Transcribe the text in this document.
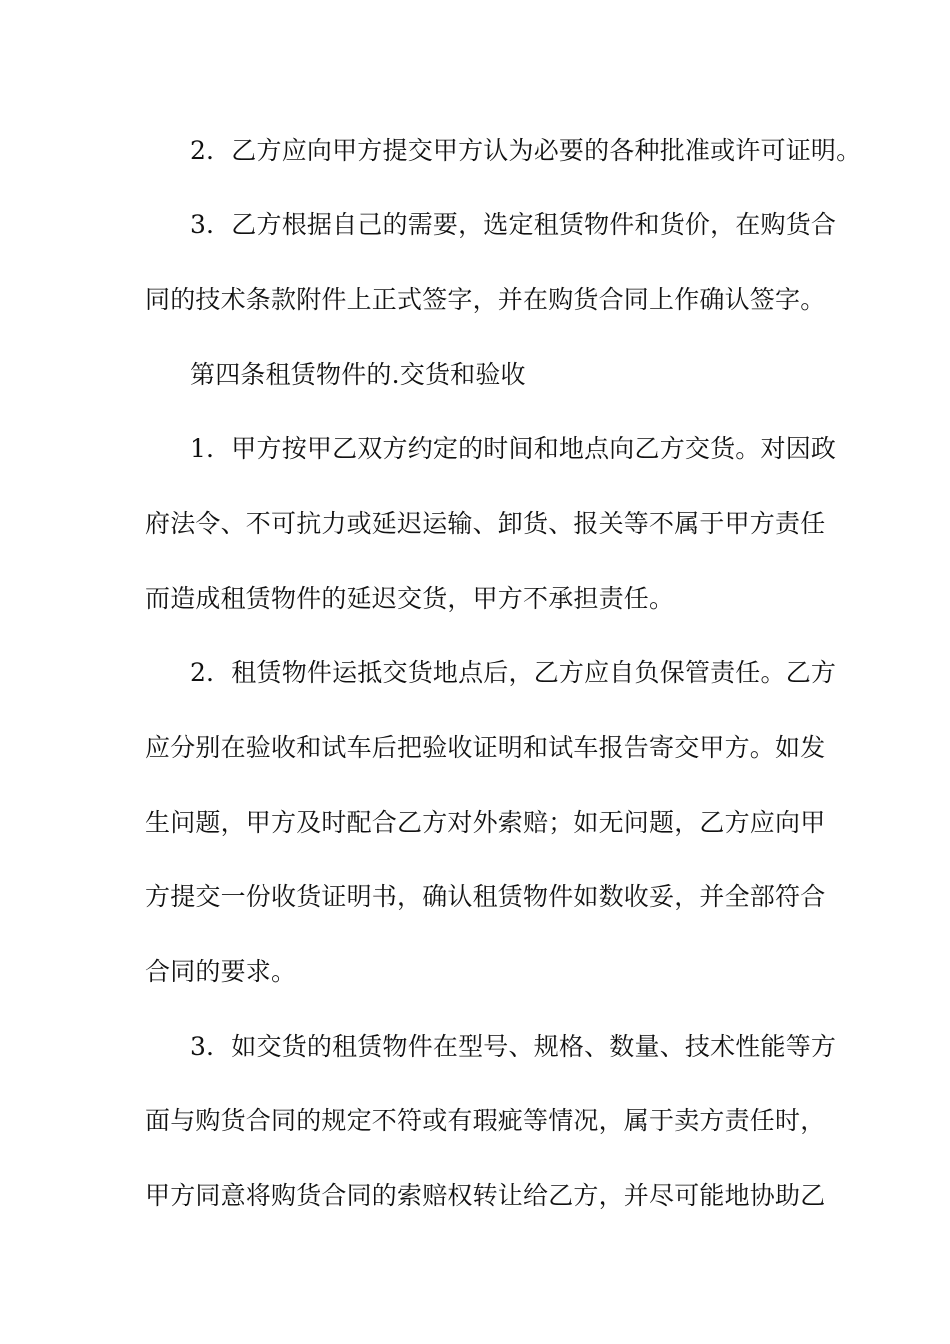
2．乙方应向甲方提交甲方认为必要的各种批准或许可证明。
3．乙方根据自己的需要，选定租赁物件和货价，在购货合
同的技术条款附件上正式签字，并在购货合同上作确认签字。
第四条租赁物件的.交货和验收
1．甲方按甲乙双方约定的时间和地点向乙方交货。对因政
府法令、不可抗力或延迟运输、卸货、报关等不属于甲方责任
而造成租赁物件的延迟交货，甲方不承担责任。
2．租赁物件运抵交货地点后，乙方应自负保管责任。乙方
应分别在验收和试车后把验收证明和试车报告寄交甲方。如发
生问题，甲方及时配合乙方对外索赔；如无问题，乙方应向甲
方提交一份收货证明书，确认租赁物件如数收妥，并全部符合
合同的要求。
3．如交货的租赁物件在型号、规格、数量、技术性能等方
面与购货合同的规定不符或有瑕疵等情况，属于卖方责任时，
甲方同意将购货合同的索赔权转让给乙方，并尽可能地协助乙
